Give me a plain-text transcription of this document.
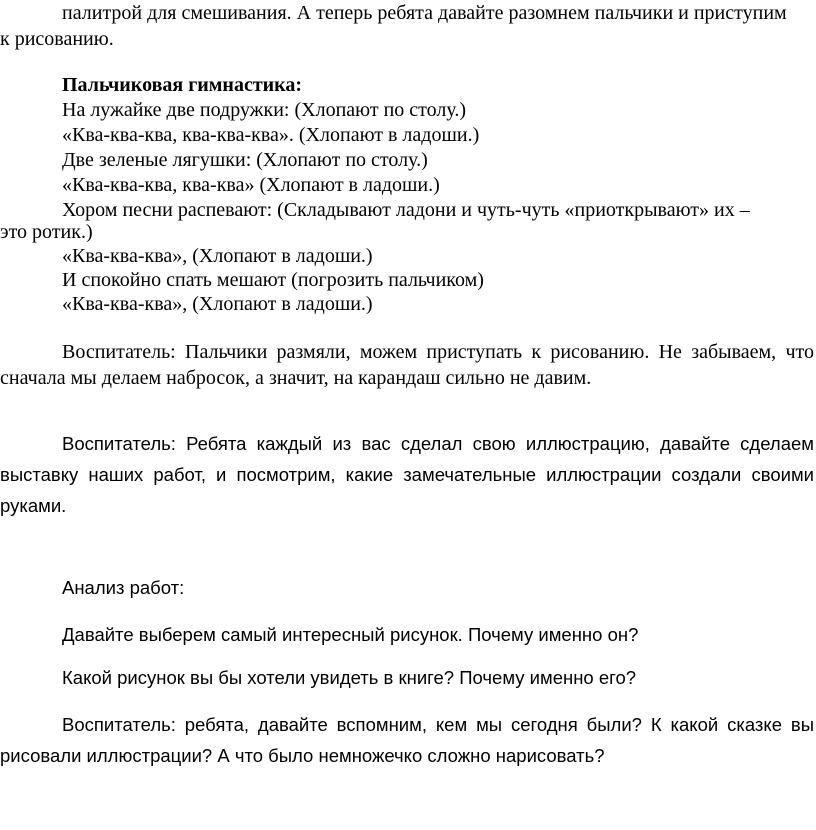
палитрой для смешивания. А теперь ребята давайте разомнем пальчики и приступим

к рисованию.

Пальчиковая гимнастика:

На лужайке две подружки: (Хлопают по столу.)

«Ква-ква-ква, ква-ква-ква». (Хлопают в ладоши.)

Две зеленые лягушки: (Хлопают по столу.)

«Ква-ква-ква, ква-ква» (Хлопают в ладоши.)

Хором песни распевают: (Складывают ладони и чуть-чуть «приоткрывают» их –

это ротик.)

«Ква-ква-ква», (Хлопают в ладоши.)

И спокойно спать мешают (погрозить пальчиком)

«Ква-ква-ква», (Хлопают в ладоши.)

Воспитатель: Пальчики размяли, можем приступать к рисованию. Не забываем, что сначала мы делаем набросок, а значит, на карандаш сильно не давим.

Воспитатель: Ребята каждый из вас сделал свою иллюстрацию, давайте сделаем выставку наших работ, и посмотрим, какие замечательные иллюстрации создали своими руками.

Анализ работ:

Давайте выберем самый интересный рисунок. Почему именно он?

Какой рисунок вы бы хотели увидеть в книге? Почему именно его?

Воспитатель: ребята, давайте вспомним, кем мы сегодня были? К какой сказке вы рисовали иллюстрации? А что было немножечко сложно нарисовать?
